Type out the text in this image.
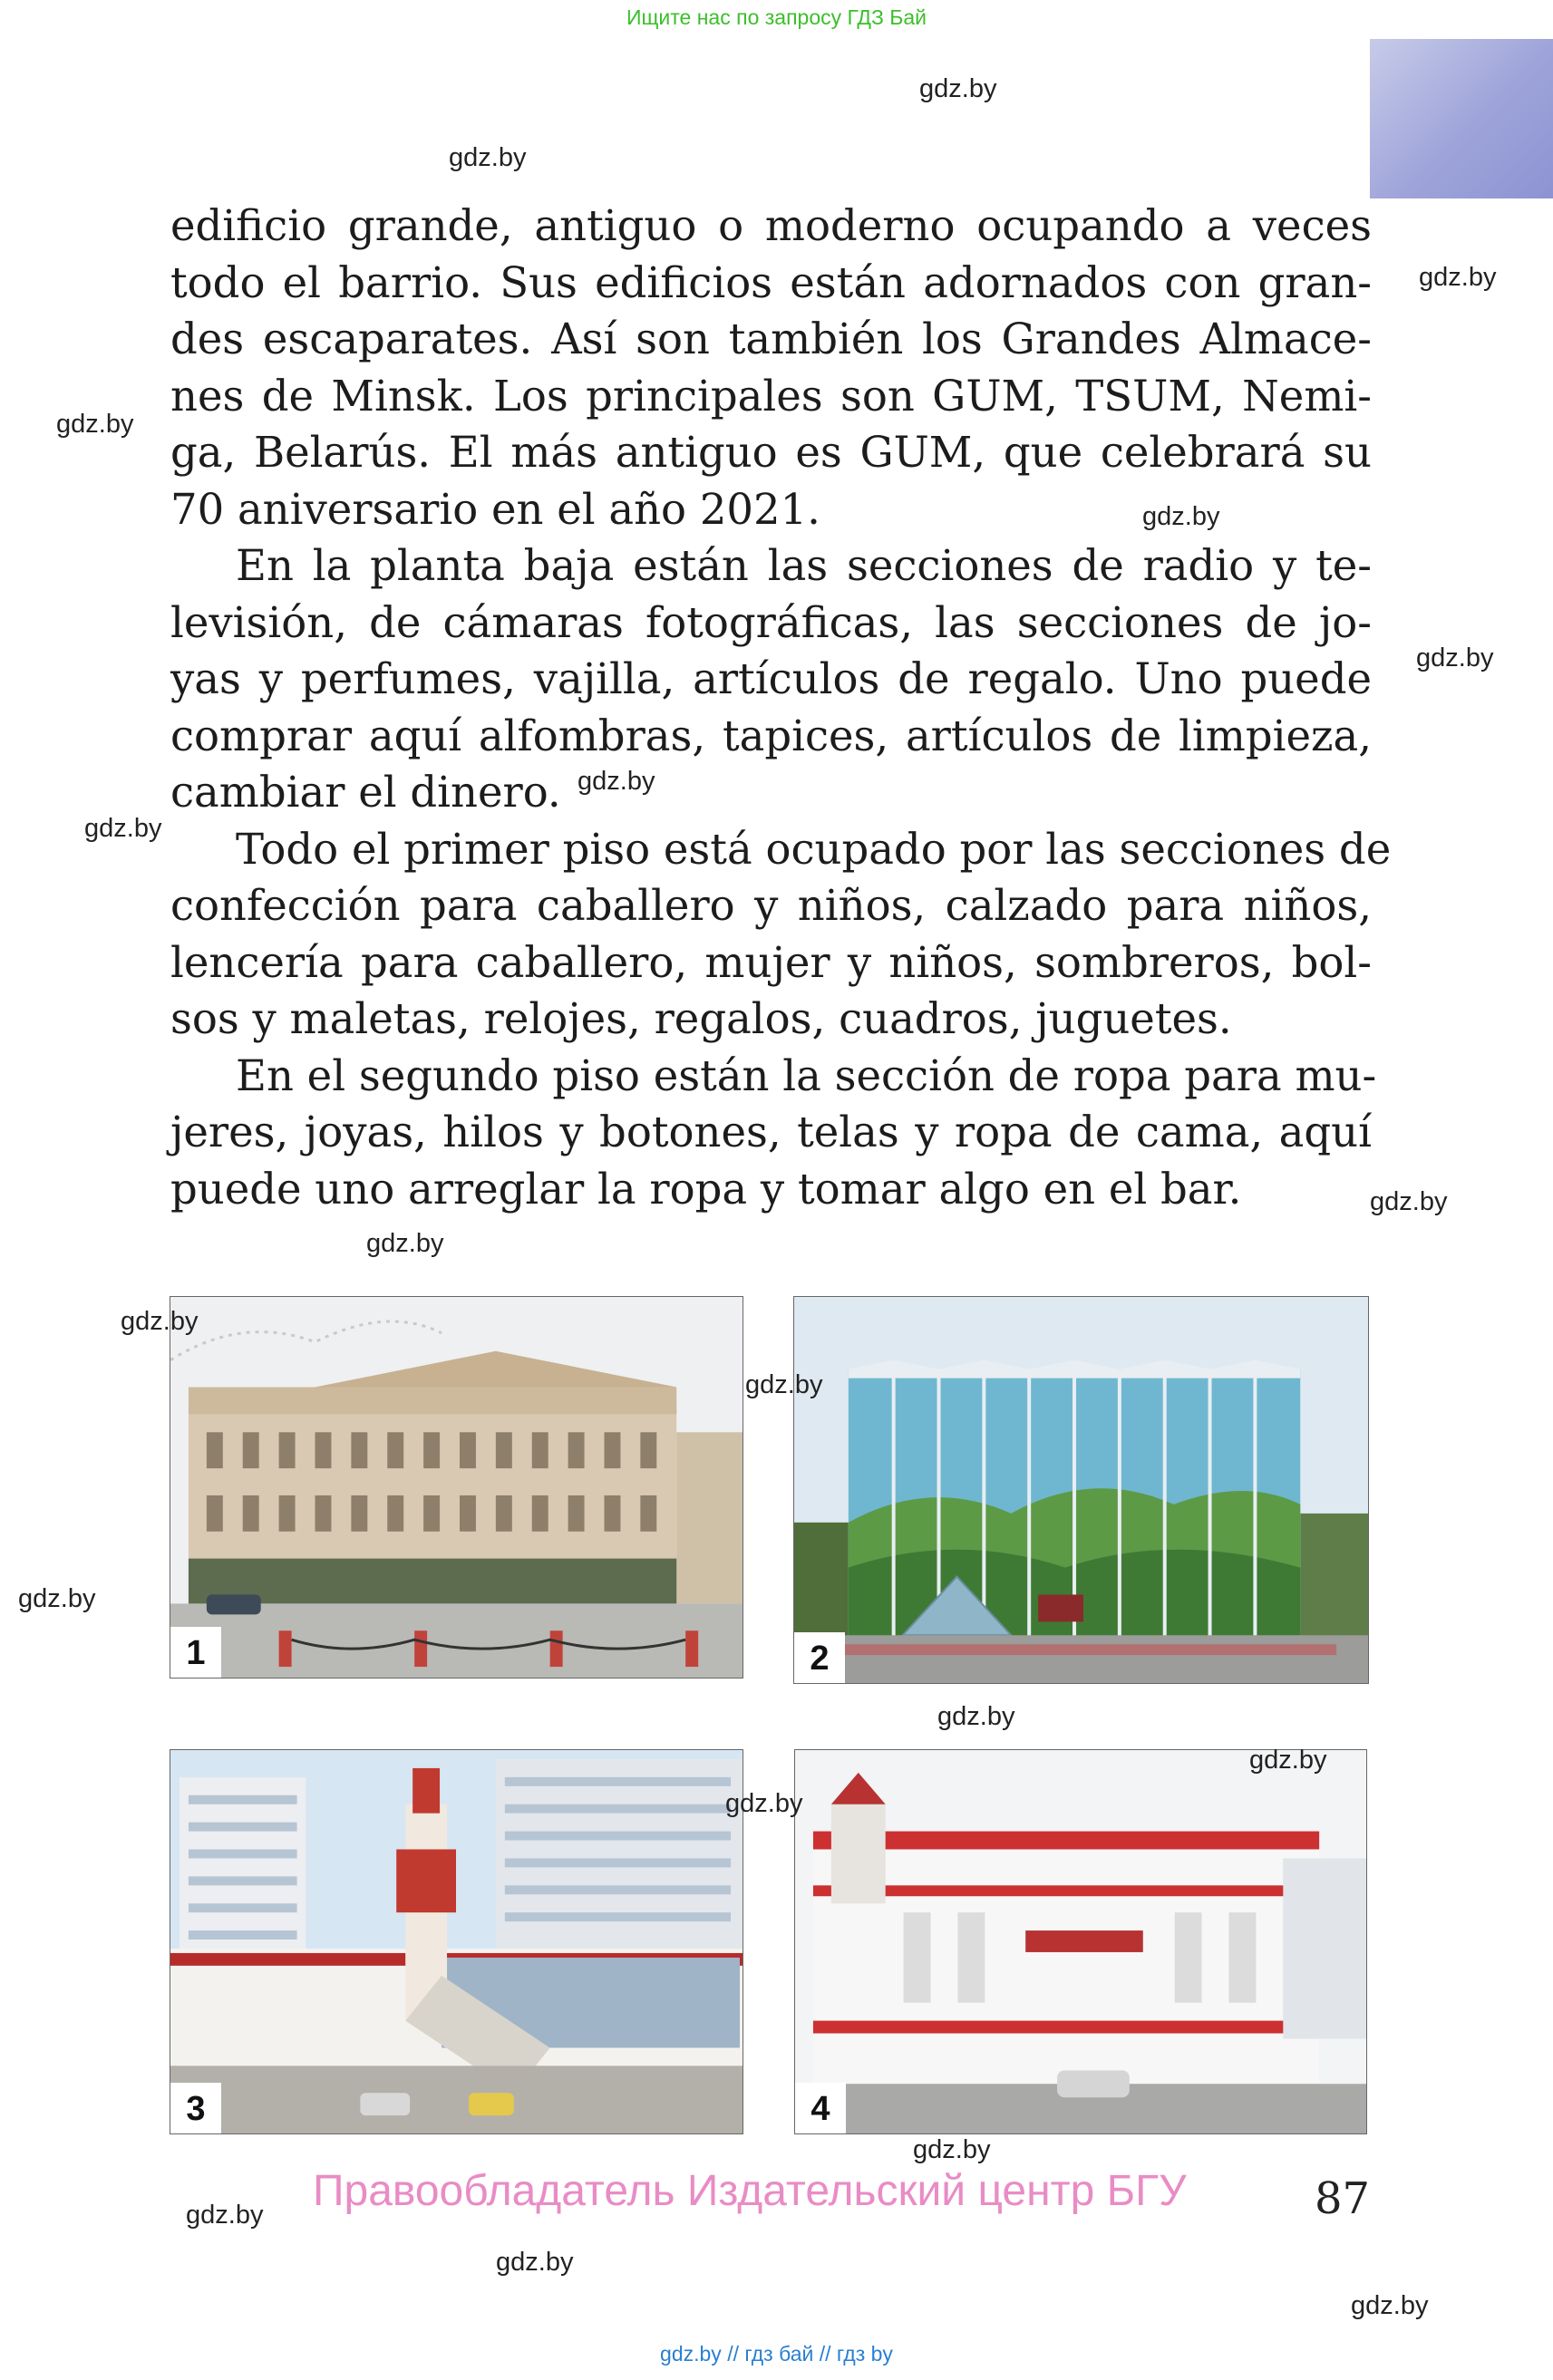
Ищите нас по запросу ГДЗ Бай
gdz.by
gdz.by
gdz.by
gdz.by
gdz.by
gdz.by
gdz.by
gdz.by
gdz.by
gdz.by
edificio grande, antiguo o moderno ocupando a veces
todo el barrio. Sus edificios están adornados con gran-
des escaparates. Así son también los Grandes Almace-
nes de Minsk. Los principales son GUM, TSUM, Nemi-
ga, Belarús. El más antiguo es GUM, que celebrará su
70 aniversario en el año 2021.
En la planta baja están las secciones de radio y te-
levisión, de cámaras fotográficas, las secciones de jo-
yas y perfumes, vajilla, artículos de regalo. Uno puede
comprar aquí alfombras, tapices, artículos de limpieza,
cambiar el dinero.
Todo el primer piso está ocupado por las secciones de
confección para caballero y niños, calzado para niños,
lencería para caballero, mujer y niños, sombreros, bol-
sos y maletas, relojes, regalos, cuadros, juguetes.
En el segundo piso están la sección de ropa para mu-
jeres, joyas, hilos y botones, telas y ropa de cama, aquí
puede uno arreglar la ropa y tomar algo en el bar.
1	2
3	4
gdz.by
gdz.by
gdz.by
gdz.by
gdz.by
gdz.by
gdz.by
gdz.by
gdz.by
gdz.by
Правообладатель Издательский центр БГУ	87
gdz.by // гдз бай // гдз by
